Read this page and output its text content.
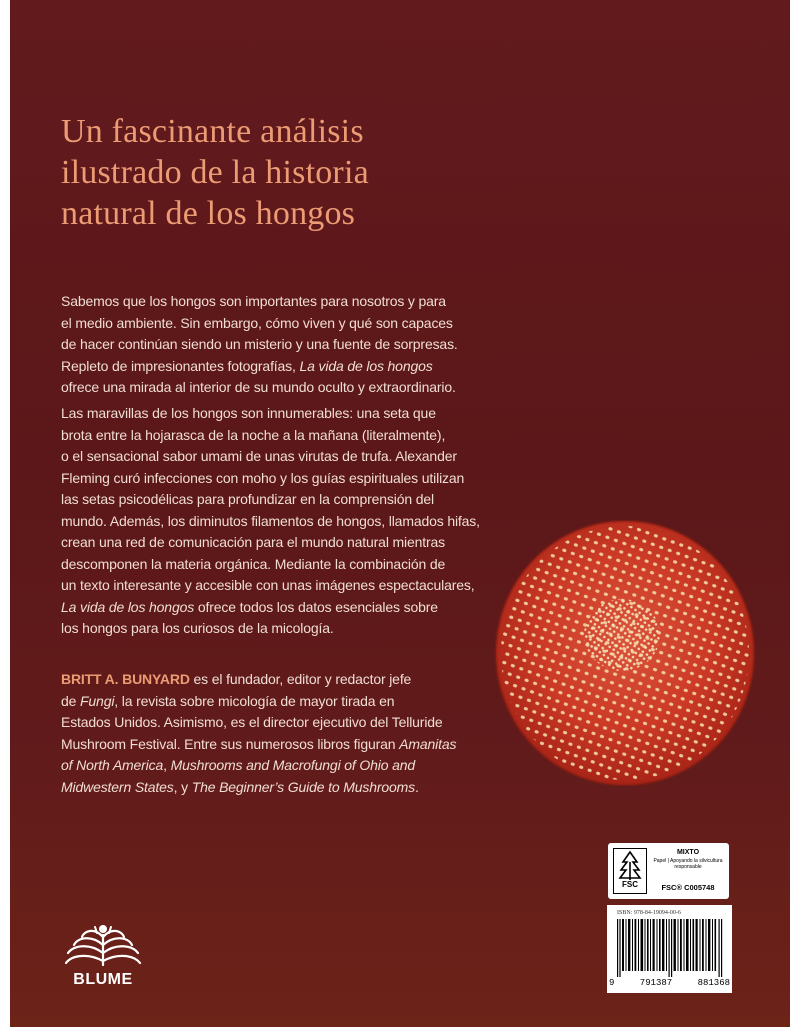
Un fascinante análisis
ilustrado de la historia
natural de los hongos
Sabemos que los hongos son importantes para nosotros y para
el medio ambiente. Sin embargo, cómo viven y qué son capaces
de hacer continúan siendo un misterio y una fuente de sorpresas.
Repleto de impresionantes fotografías, La vida de los hongos
ofrece una mirada al interior de su mundo oculto y extraordinario.
Las maravillas de los hongos son innumerables: una seta que
brota entre la hojarasca de la noche a la mañana (literalmente),
o el sensacional sabor umami de unas virutas de trufa. Alexander
Fleming curó infecciones con moho y los guías espirituales utilizan
las setas psicodélicas para profundizar en la comprensión del
mundo. Además, los diminutos filamentos de hongos, llamados hifas,
crean una red de comunicación para el mundo natural mientras
descomponen la materia orgánica. Mediante la combinación de
un texto interesante y accesible con unas imágenes espectaculares,
La vida de los hongos ofrece todos los datos esenciales sobre
los hongos para los curiosos de la micología.
BRITT A. BUNYARD es el fundador, editor y redactor jefe
de Fungi, la revista sobre micología de mayor tirada en
Estados Unidos. Asimismo, es el director ejecutivo del Telluride
Mushroom Festival. Entre sus numerosos libros figuran Amanitas
of North America, Mushrooms and Macrofungi of Ohio and
Midwestern States, y The Beginner’s Guide to Mushrooms.
FSC
MIXTO
Papel | Apoyando la silvicultura responsable
FSC® C005748
ISBN: 978-84-19094-00-6
9	791387	881368
BLUME
